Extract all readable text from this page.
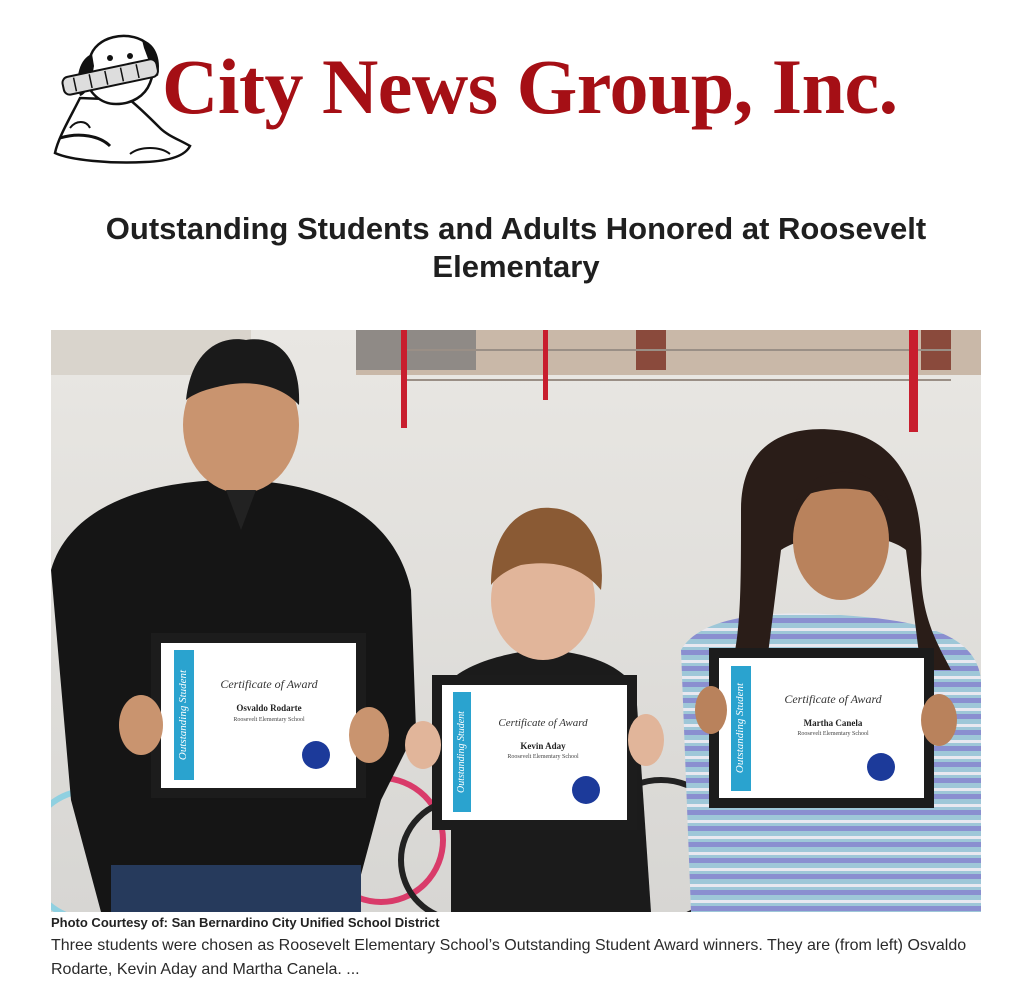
City News Group, Inc.
Outstanding Students and Adults Honored at Roosevelt Elementary
Outstanding Student	Certificate of Award
Osvaldo Rodarte
Roosevelt Elementary School	Outstanding Student	Certificate of Award
Kevin Aday
Roosevelt Elementary School	Outstanding Student	Certificate of Award
Martha Canela
Roosevelt Elementary School
Photo Courtesy of: San Bernardino City Unified School District

Three students were chosen as Roosevelt Elementary School’s Outstanding Student Award winners. They are (from left) Osvaldo Rodarte, Kevin Aday and Martha Canela. ...
